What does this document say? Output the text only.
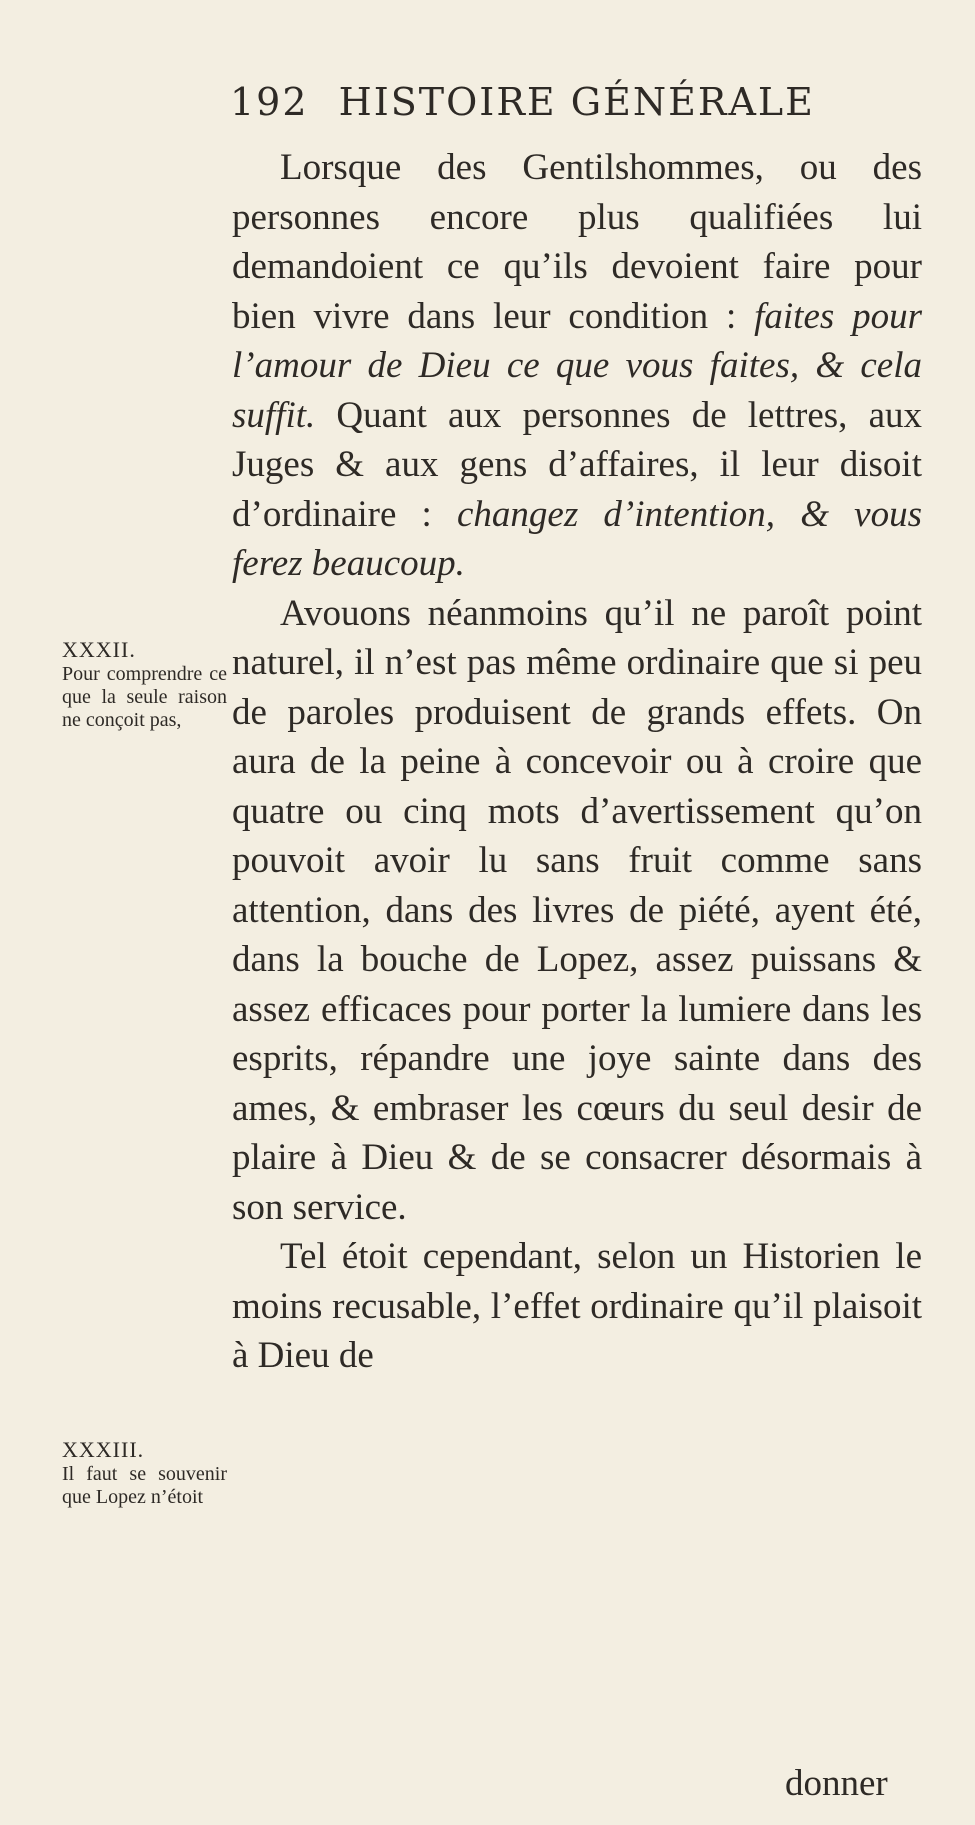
192 HISTOIRE GÉNÉRALE

Lorsque des Gentilshommes, ou des personnes encore plus qualifiées lui demandoient ce qu’ils devoient faire pour bien vivre dans leur condition : faites pour l’amour de Dieu ce que vous faites, & cela suffit. Quant aux personnes de lettres, aux Juges & aux gens d’affaires, il leur disoit d’ordinaire : changez d’intention, & vous ferez beaucoup.

Avouons néanmoins qu’il ne paroît point naturel, il n’est pas même ordinaire que si peu de paroles produisent de grands effets. On aura de la peine à concevoir ou à croire que quatre ou cinq mots d’avertissement qu’on pouvoit avoir lu sans fruit comme sans attention, dans des livres de piété, ayent été, dans la bouche de Lopez, assez puissans & assez efficaces pour porter la lumiere dans les esprits, répandre une joye sainte dans des ames, & embraser les cœurs du seul desir de plaire à Dieu & de se consacrer désormais à son service.

Tel étoit cependant, selon un Historien le moins recusable, l’effet ordinaire qu’il plaisoit à Dieu de

donner
XXXII.
Pour comprendre ce que la seule raison ne conçoit pas,
XXXIII.
Il faut se souvenir que Lopez n’étoit
